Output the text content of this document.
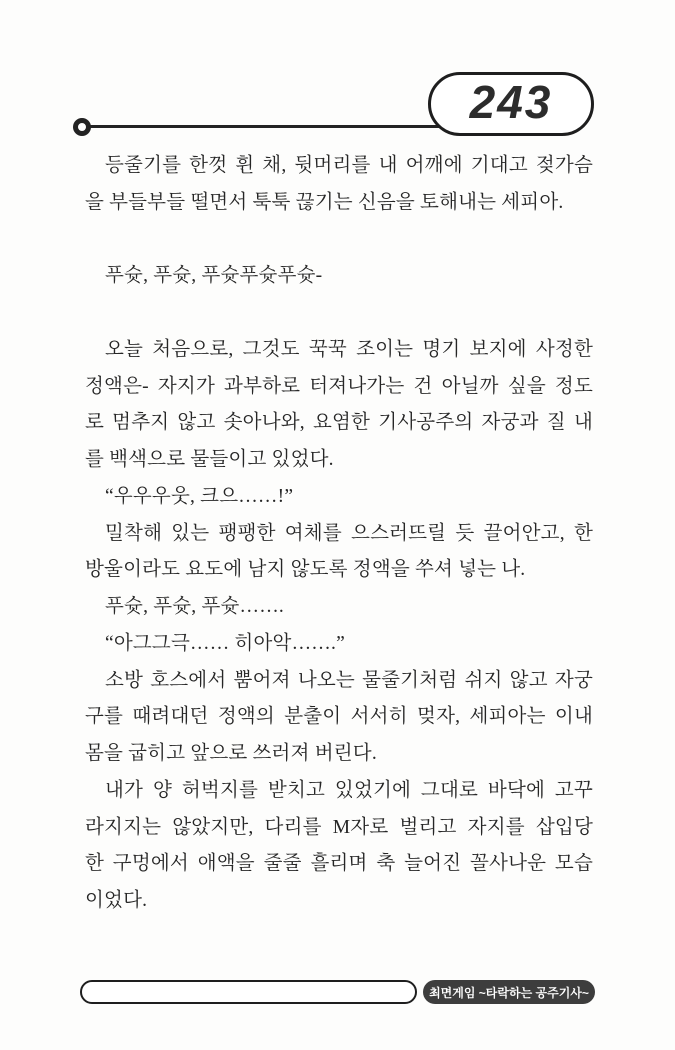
243
등줄기를 한껏 휜 채, 뒷머리를 내 어깨에 기대고 젖가슴
을 부들부들 떨면서 툭툭 끊기는 신음을 토해내는 세피아.

푸슛, 푸슛, 푸슛푸슛푸슛-

오늘 처음으로, 그것도 꾹꾹 조이는 명기 보지에 사정한
정액은- 자지가 과부하로 터져나가는 건 아닐까 싶을 정도
로 멈추지 않고 솟아나와, 요염한 기사공주의 자궁과 질 내
를 백색으로 물들이고 있었다.
“우우우웃, 크으……!”
밀착해 있는 팽팽한 여체를 으스러뜨릴 듯 끌어안고, 한
방울이라도 요도에 남지 않도록 정액을 쑤셔 넣는 나.
푸슛, 푸슛, 푸슛…….
“아그그극…… 히아악…….”
소방 호스에서 뿜어져 나오는 물줄기처럼 쉬지 않고 자궁
구를 때려대던 정액의 분출이 서서히 멎자, 세피아는 이내
몸을 굽히고 앞으로 쓰러져 버린다.
내가 양 허벅지를 받치고 있었기에 그대로 바닥에 고꾸
라지지는 않았지만, 다리를 M자로 벌리고 자지를 삽입당
한 구멍에서 애액을 줄줄 흘리며 축 늘어진 꼴사나운 모습
이었다.
최면게임 ~타락하는 공주기사~
